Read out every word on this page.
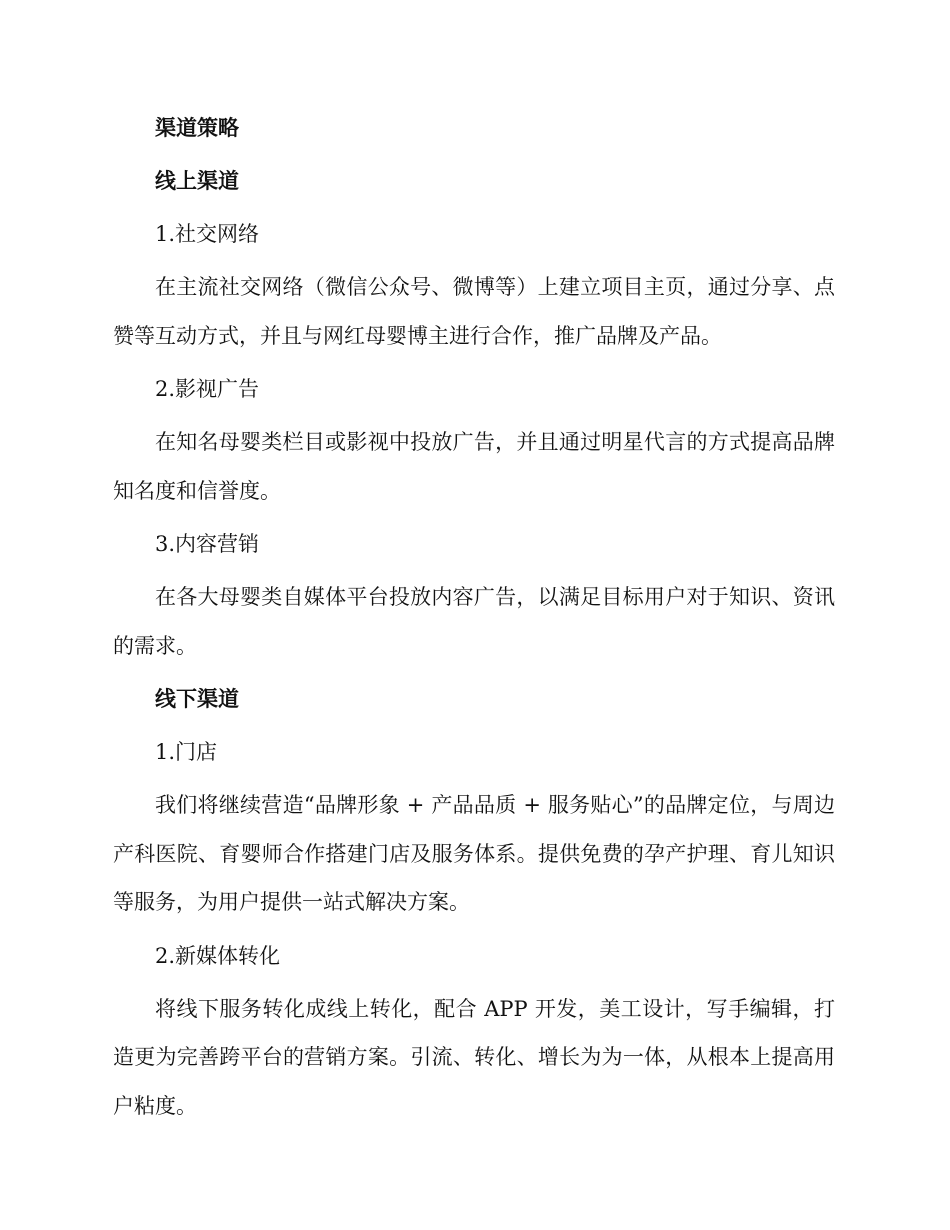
渠道策略

线上渠道

1.社交网络

在主流社交网络（微信公众号、微博等）上建立项目主页，通过分享、点赞等互动方式，并且与网红母婴博主进行合作，推广品牌及产品。

2.影视广告

在知名母婴类栏目或影视中投放广告，并且通过明星代言的方式提高品牌知名度和信誉度。

3.内容营销

在各大母婴类自媒体平台投放内容广告，以满足目标用户对于知识、资讯的需求。

线下渠道

1.门店

我们将继续营造“品牌形象 + 产品品质 + 服务贴心”的品牌定位，与周边产科医院、育婴师合作搭建门店及服务体系。提供免费的孕产护理、育儿知识等服务，为用户提供一站式解决方案。

2.新媒体转化

将线下服务转化成线上转化，配合 APP 开发，美工设计，写手编辑，打造更为完善跨平台的营销方案。引流、转化、增长为为一体，从根本上提高用户粘度。
